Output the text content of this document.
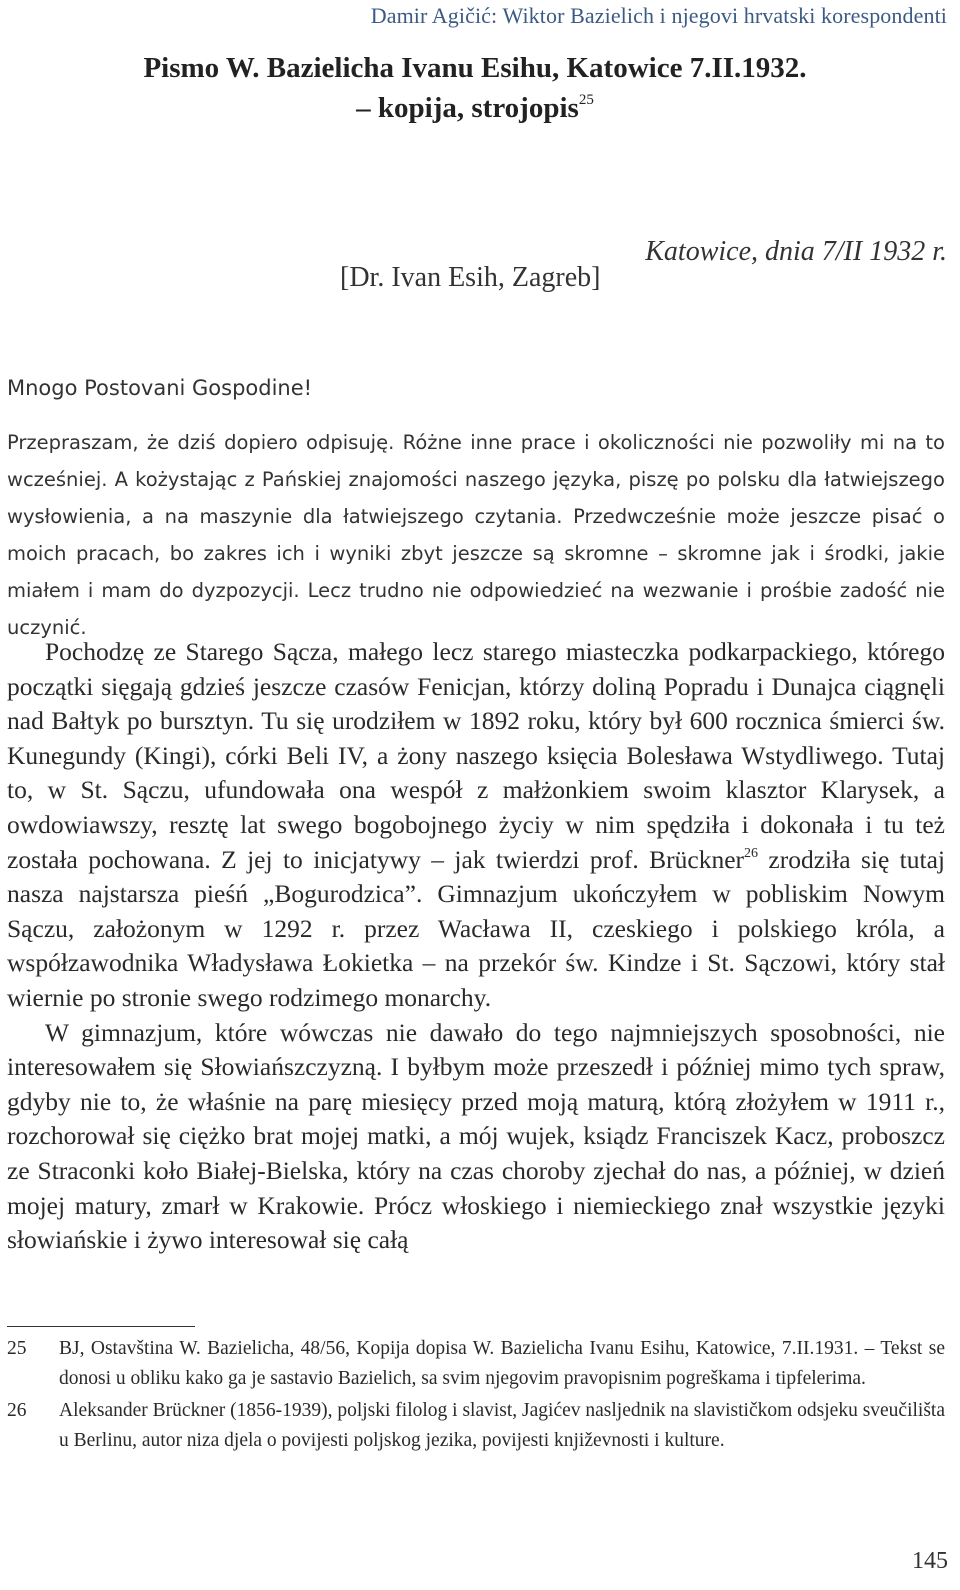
Damir Agičić: Wiktor Bazielich i njegovi hrvatski korespondenti
Pismo W. Bazielicha Ivanu Esihu, Katowice 7.II.1932.
– kopija, strojopis$^{25}$
Katowice, dnia 7/II 1932 r.
[Dr. Ivan Esih, Zagreb]
Mnogo Postovani Gospodine!

Przepraszam, że dziś dopiero odpisuję. Różne inne prace i okoliczności nie pozwoliły mi na to wcześniej. A kożystając z Pańskiej znajomości naszego języka, piszę po polsku dla łatwiejszego wysłowienia, a na maszynie dla łatwiejszego czytania. Przedwcześnie może jeszcze pisać o moich pracach, bo zakres ich i wyniki zbyt jeszcze są skromne – skromne jak i środki, jakie miałem i mam do dyzpozycji. Lecz trudno nie odpowiedzieć na wezwanie i prośbie zadość nie uczynić.

Pochodzę ze Starego Sącza, małego lecz starego miasteczka podkarpackiego, którego początki sięgają gdzieś jeszcze czasów Fenicjan, którzy doliną Popradu i Dunajca ciągnęli nad Bałtyk po bursztyn. Tu się urodziłem w 1892 roku, który był 600 rocznica śmierci św. Kunegundy (Kingi), córki Beli IV, a żony naszego księcia Bolesława Wstydliwego. Tutaj to, w St. Sączu, ufundowała ona wespół z małżonkiem swoim klasztor Klarysek, a owdowiawszy, resztę lat swego bogobojnego życiy w nim spędziła i dokonała i tu też została pochowana. Z jej to inicjatywy – jak twierdzi prof. Brückner$^{26}$ zrodziła się tutaj nasza najstarsza pieśń „Bogurodzica”. Gimnazjum ukończyłem w pobliskim Nowym Sączu, założonym w 1292 r. przez Wacława II, czeskiego i polskiego króla, a współzawodnika Władysława Łokietka – na przekór św. Kindze i St. Sączowi, który stał wiernie po stronie swego rodzimego monarchy.

W gimnazjum, które wówczas nie dawało do tego najmniejszych sposobności, nie interesowałem się Słowiańszczyzną. I byłbym może przeszedł i później mimo tych spraw, gdyby nie to, że właśnie na parę miesięcy przed moją maturą, którą złożyłem w 1911 r., rozchorował się ciężko brat mojej matki, a mój wujek, ksiądz Franciszek Kacz, proboszcz ze Straconki koło Białej-Bielska, który na czas choroby zjechał do nas, a później, w dzień mojej matury, zmarł w Krakowie. Prócz włoskiego i niemieckiego znał wszystkie języki słowiańskie i żywo interesował się całą

25	BJ, Ostavština W. Bazielicha, 48/56, Kopija dopisa W. Bazielicha Ivanu Esihu, Katowice, 7.II.1931. – Tekst se donosi u obliku kako ga je sastavio Bazielich, sa svim njegovim pravopisnim pogreškama i tipfelerima.
26	Aleksander Brückner (1856-1939), poljski filolog i slavist, Jagićev nasljednik na slavističkom odsjeku sveučilišta u Berlinu, autor niza djela o povijesti poljskog jezika, povijesti književnosti i kulture.
145
